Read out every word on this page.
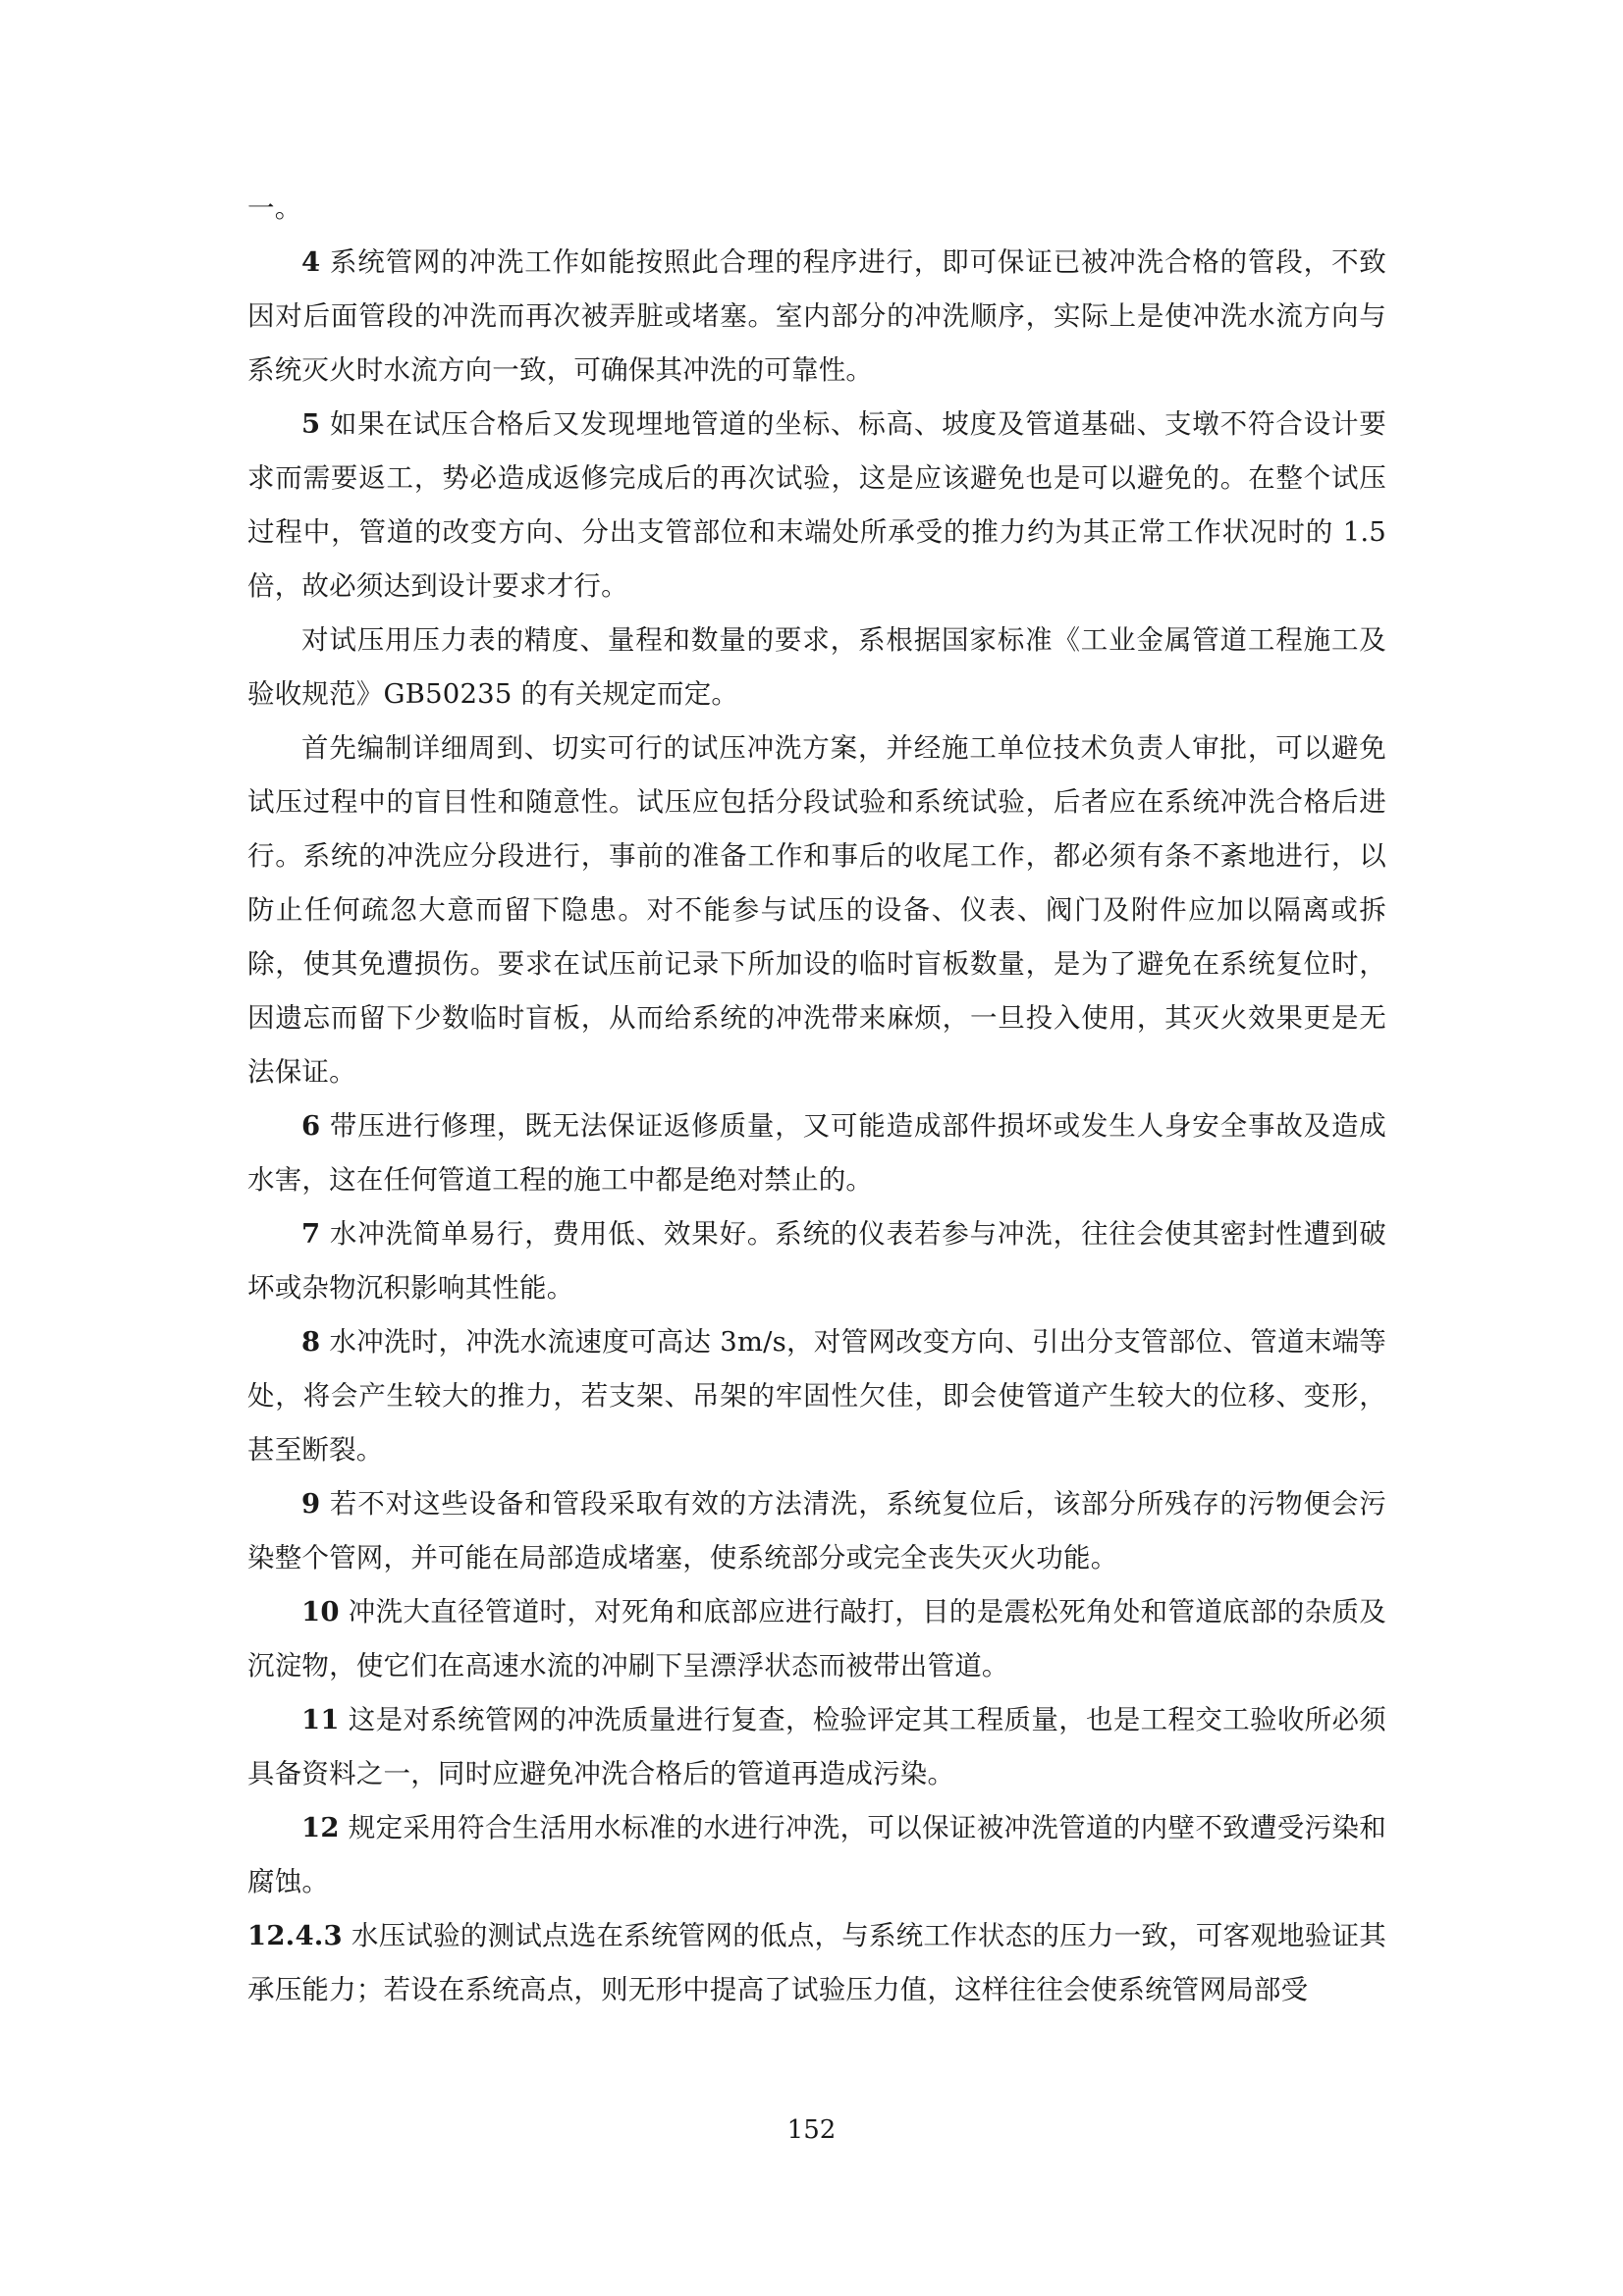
一。

4 系统管网的冲洗工作如能按照此合理的程序进行，即可保证已被冲洗合格的管段，不致因对后面管段的冲洗而再次被弄脏或堵塞。室内部分的冲洗顺序，实际上是使冲洗水流方向与系统灭火时水流方向一致，可确保其冲洗的可靠性。

5 如果在试压合格后又发现埋地管道的坐标、标高、坡度及管道基础、支墩不符合设计要求而需要返工，势必造成返修完成后的再次试验，这是应该避免也是可以避免的。在整个试压过程中，管道的改变方向、分出支管部位和末端处所承受的推力约为其正常工作状况时的 1.5 倍，故必须达到设计要求才行。

对试压用压力表的精度、量程和数量的要求，系根据国家标准《工业金属管道工程施工及验收规范》GB50235 的有关规定而定。

首先编制详细周到、切实可行的试压冲洗方案，并经施工单位技术负责人审批，可以避免试压过程中的盲目性和随意性。试压应包括分段试验和系统试验，后者应在系统冲洗合格后进行。系统的冲洗应分段进行，事前的准备工作和事后的收尾工作，都必须有条不紊地进行，以防止任何疏忽大意而留下隐患。对不能参与试压的设备、仪表、阀门及附件应加以隔离或拆除，使其免遭损伤。要求在试压前记录下所加设的临时盲板数量，是为了避免在系统复位时，因遗忘而留下少数临时盲板，从而给系统的冲洗带来麻烦，一旦投入使用，其灭火效果更是无法保证。

6 带压进行修理，既无法保证返修质量，又可能造成部件损坏或发生人身安全事故及造成水害，这在任何管道工程的施工中都是绝对禁止的。

7 水冲洗简单易行，费用低、效果好。系统的仪表若参与冲洗，往往会使其密封性遭到破坏或杂物沉积影响其性能。

8 水冲洗时，冲洗水流速度可高达 3m/s，对管网改变方向、引出分支管部位、管道末端等处，将会产生较大的推力，若支架、吊架的牢固性欠佳，即会使管道产生较大的位移、变形，甚至断裂。

9 若不对这些设备和管段采取有效的方法清洗，系统复位后，该部分所残存的污物便会污染整个管网，并可能在局部造成堵塞，使系统部分或完全丧失灭火功能。

10 冲洗大直径管道时，对死角和底部应进行敲打，目的是震松死角处和管道底部的杂质及沉淀物，使它们在高速水流的冲刷下呈漂浮状态而被带出管道。

11 这是对系统管网的冲洗质量进行复查，检验评定其工程质量，也是工程交工验收所必须具备资料之一，同时应避免冲洗合格后的管道再造成污染。

12 规定采用符合生活用水标准的水进行冲洗，可以保证被冲洗管道的内壁不致遭受污染和腐蚀。

12.4.3 水压试验的测试点选在系统管网的低点，与系统工作状态的压力一致，可客观地验证其承压能力；若设在系统高点，则无形中提高了试验压力值，这样往往会使系统管网局部受

152
